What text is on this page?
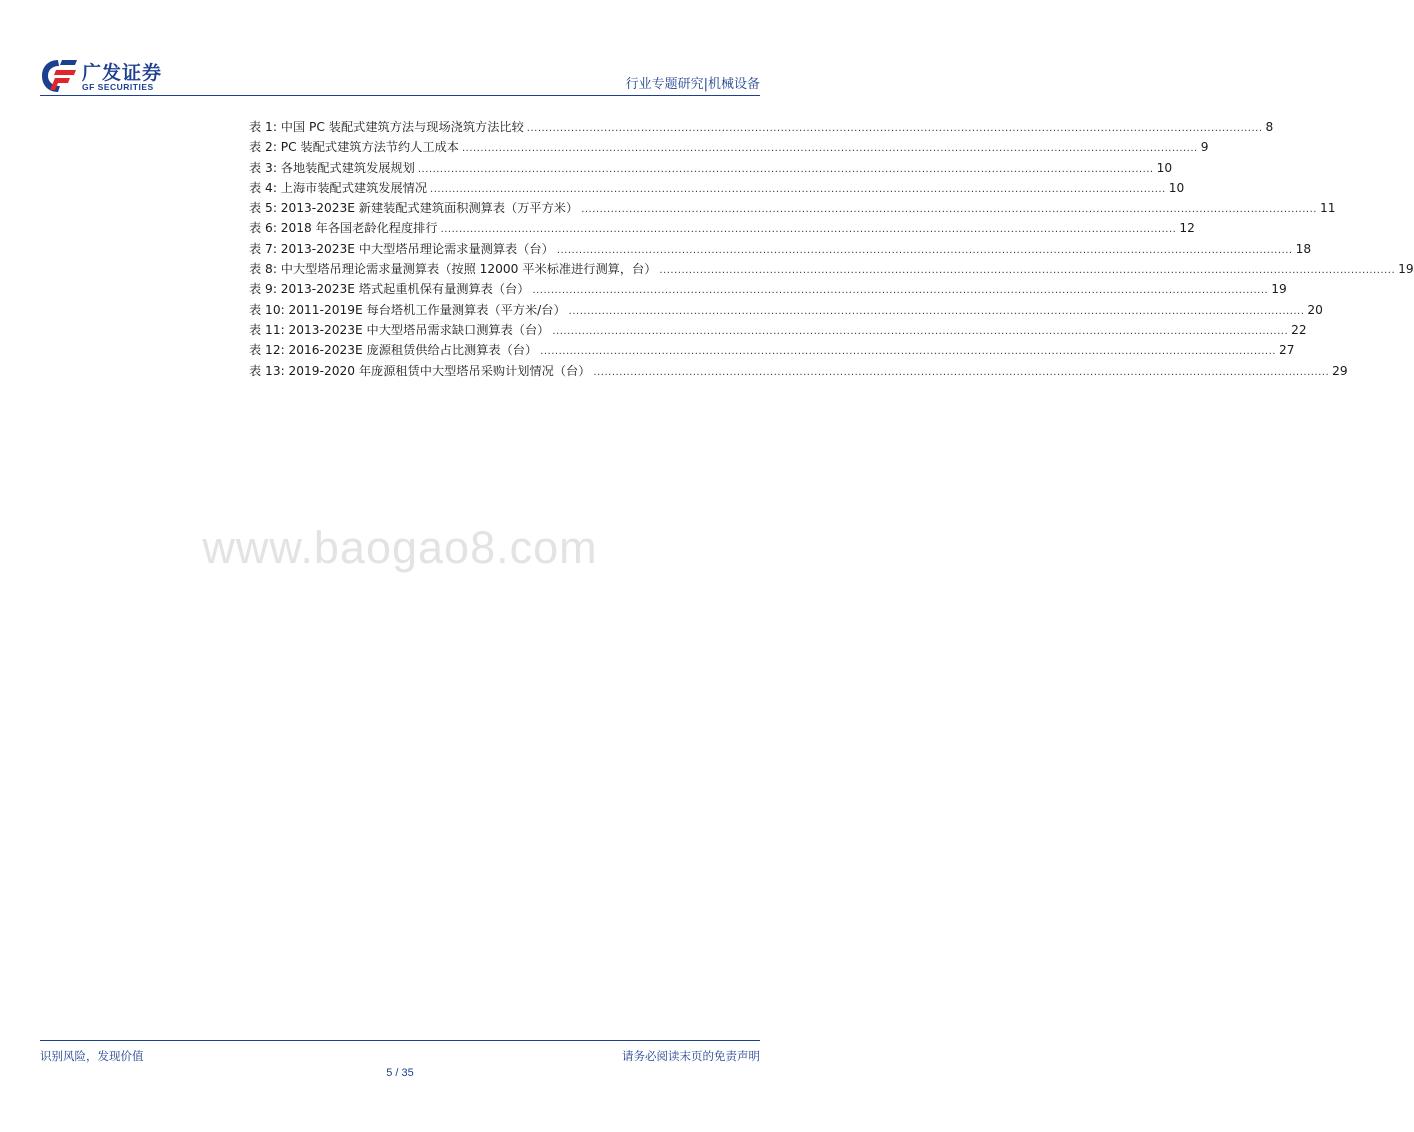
广发证券
GF SECURITIES	行业专题研究|机械设备
表 1: 中国 PC 装配式建筑方法与现场浇筑方法比较 ........................................................................................................................................................................................................ 8
表 2: PC 装配式建筑方法节约人工成本 ........................................................................................................................................................................................................ 9
表 3: 各地装配式建筑发展规划 ........................................................................................................................................................................................................ 10
表 4: 上海市装配式建筑发展情况 ........................................................................................................................................................................................................ 10
表 5: 2013-2023E 新建装配式建筑面积测算表（万平方米） ........................................................................................................................................................................................................ 11
表 6: 2018 年各国老龄化程度排行 ........................................................................................................................................................................................................ 12
表 7: 2013-2023E 中大型塔吊理论需求量测算表（台） ........................................................................................................................................................................................................ 18
表 8: 中大型塔吊理论需求量测算表（按照 12000 平米标准进行测算，台） ........................................................................................................................................................................................................ 19
表 9: 2013-2023E 塔式起重机保有量测算表（台） ........................................................................................................................................................................................................ 19
表 10: 2011-2019E 每台塔机工作量测算表（平方米/台） ........................................................................................................................................................................................................ 20
表 11: 2013-2023E 中大型塔吊需求缺口测算表（台） ........................................................................................................................................................................................................ 22
表 12: 2016-2023E 庞源租赁供给占比测算表（台） ........................................................................................................................................................................................................ 27
表 13: 2019-2020 年庞源租赁中大型塔吊采购计划情况（台） ........................................................................................................................................................................................................ 29
www.baogao8.com
识别风险，发现价值	请务必阅读末页的免责声明
5 / 35
